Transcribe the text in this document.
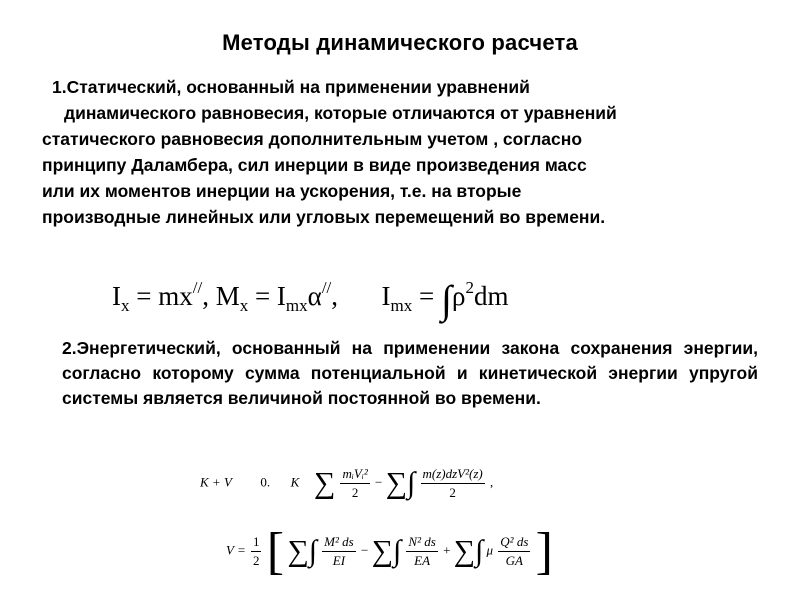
Методы динамического расчета
1.Статический, основанный на применении уравнений
динамического равновесия, которые отличаются от уравнений
статического равновесия дополнительным учетом , согласно
принципу Даламбера, сил инерции в виде произведения масс
или их моментов инерции на ускорения, т.е. на вторые
производные линейных или угловых перемещений во времени.
$I_x = mx^{//}$, $M_x = I_{mx}\alpha^{//}$, $I_{mx} = \int\rho^2dm$
2.Энергетический, основанный на применении закона сохранения энергии, согласно которому сумма потенциальной и кинетической энергии упругой системы является величиной постоянной во времени.
K + V 0. K ∑ $\frac{\text{mᵢVᵢ²}}{2}$ − ∑∫ $\frac{\text{m(z)dzV²(z)}}{2}$ ,
$V = \frac{1}{2}$ [ ∑∫ $\frac{\text{M² ds}}{EI}$ − ∑∫ $\frac{\text{N² ds}}{EA}$ + ∑∫ μ $\frac{\text{Q² ds}}{GA}$ ]
